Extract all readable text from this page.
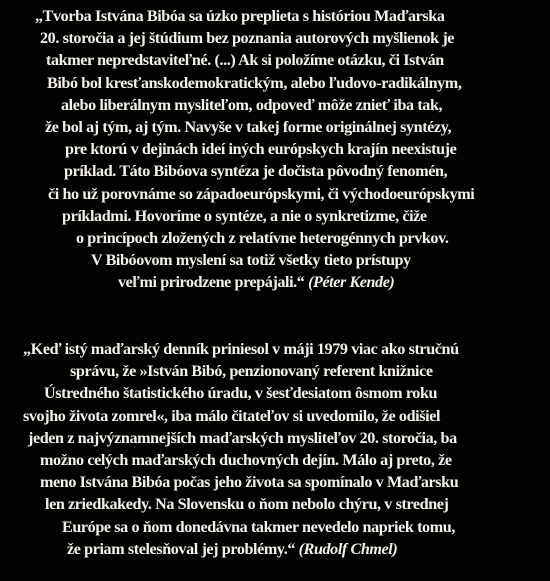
„Tvorba Istvána Bibóa sa úzko preplieta s históriou Maďarska
20. storočia a jej štúdium bez poznania autorových myšlienok je
takmer nepredstaviteľné. (...) Ak si položíme otázku, či István
Bibó bol kresťanskodemokratickým, alebo ľudovo-radikálnym,
alebo liberálnym mysliteľom, odpoveď môže znieť iba tak,
že bol aj tým, aj tým. Navyše v takej forme originálnej syntézy,
pre ktorú v dejinách ideí iných európskych krajín neexistuje
príklad. Táto Bibóova syntéza je dočista pôvodný fenomén,
či ho už porovnáme so západoeurópskymi, či východoeurópskymi
príkladmi. Hovoríme o syntéze, a nie o synkretizme, čiže
o princípoch zložených z relatívne heterogénnych prvkov.
V Bibóovom myslení sa totiž všetky tieto prístupy
veľmi prirodzene prepájali.“ (Péter Kende)
„Keď istý maďarský denník priniesol v máji 1979 viac ako stručnú
správu, že »István Bibó, penzionovaný referent knižnice
Ústredného štatistického úradu, v šesťdesiatom ôsmom roku
svojho života zomrel«, iba málo čitateľov si uvedomilo, že odišiel
jeden z najvýznamnejších maďarských mysliteľov 20. storočia, ba
možno celých maďarských duchovných dejín. Málo aj preto, že
meno Istvána Bibóa počas jeho života sa spomínalo v Maďarsku
len zriedkakedy. Na Slovensku o ňom nebolo chýru, v strednej
Európe sa o ňom donedávna takmer nevedelo napriek tomu,
že priam stelesňoval jej problémy.“ (Rudolf Chmel)
